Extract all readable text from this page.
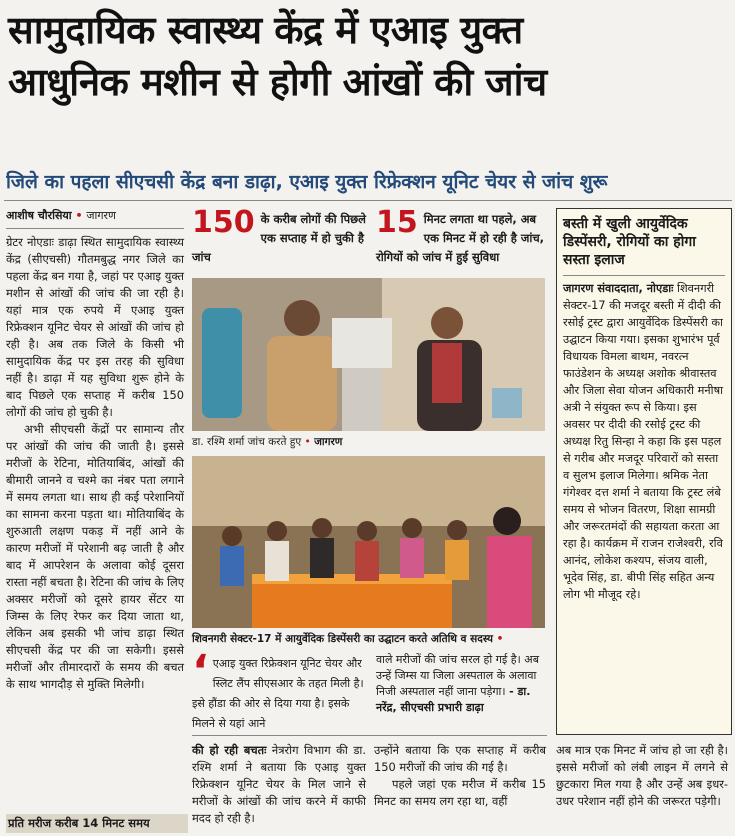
सामुदायिक स्वास्थ्य केंद्र में एआइ युक्त
आधुनिक मशीन से होगी आंखों की जांच
जिले का पहला सीएचसी केंद्र बना डाढ़ा, एआइ युक्त रिफ्रेक्शन यूनिट चेयर से जांच शुरू
आशीष चौरसिया • जागरण
ग्रेटर नोएडाः डाढ़ा स्थित सामुदायिक स्वास्थ्य केंद्र (सीएचसी) गौतमबुद्ध नगर जिले का पहला केंद्र बन गया है, जहां पर एआइ युक्त मशीन से आंखों की जांच की जा रही है। यहां मात्र एक रुपये में एआइ युक्त रिफ्रेक्शन यूनिट चेयर से आंखों की जांच हो रही है। अब तक जिले के किसी भी सामुदायिक केंद्र पर इस तरह की सुविधा नहीं है। डाढ़ा में यह सुविधा शुरू होने के बाद पिछले एक सप्ताह में करीब 150 लोगों की जांच हो चुकी है।
अभी सीएचसी केंद्रों पर सामान्य तौर पर आंखों की जांच की जाती है। इससे मरीजों के रेटिना, मोतियाबिंद, आंखों की बीमारी जानने व चश्मे का नंबर पता लगाने में समय लगता था। साथ ही कई परेशानियों का सामना करना पड़ता था। मोतियाबिंद के शुरुआती लक्षण पकड़ में नहीं आने के कारण मरीजों में परेशानी बढ़ जाती है और बाद में आपरेशन के अलावा कोई दूसरा रास्ता नहीं बचता है। रेटिना की जांच के लिए अक्सर मरीजों को दूसरे हायर सेंटर या जिम्स के लिए रेफर कर दिया जाता था, लेकिन अब इसकी भी जांच डाढ़ा स्थित सीएचसी केंद्र पर की जा सकेगी। इससे मरीजों और तीमारदारों के समय की बचत के साथ भागदौड़ से मुक्ति मिलेगी।
प्रति मरीज करीब 14 मिनट समय
150 के करीब लोगों की पिछले एक सप्ताह में हो चुकी है जांच
15 मिनट लगता था पहले, अब एक मिनट में हो रही है जांच, रोगियों को जांच में हुई सुविधा
डा. रश्मि शर्मा जांच करते हुए • जागरण
शिवनगरी सेक्टर-17 में आयुर्वेदिक डिस्पेंसरी का उद्घाटन करते अतिथि व सदस्य •
‘ एआइ युक्त रिफ्रेक्शन यूनिट चेयर और स्लिट लैंप सीएसआर के तहत मिली है। इसे हौंडा की ओर से दिया गया है। इसके मिलने से यहां आने
वाले मरीजों की जांच सरल हो गई है। अब उन्हें जिम्स या जिला अस्पताल के अलावा निजी अस्पताल नहीं जाना पड़ेगा। - डा. नरेंद्र, सीएचसी प्रभारी डाढ़ा
की हो रही बचतः नेत्ररोग विभाग की डा. रश्मि शर्मा ने बताया कि एआइ युक्त रिफ्रेक्शन यूनिट चेयर के मिल जाने से मरीजों के आंखों की जांच करने में काफी मदद हो रही है।
उन्होंने बताया कि एक सप्ताह में करीब 150 मरीजों की जांच की गई है।
पहले जहां एक मरीज में करीब 15 मिनट का समय लग रहा था, वहीं
अब मात्र एक मिनट में जांच हो जा रही है। इससे मरीजों को लंबी लाइन में लगने से छुटकारा मिल गया है और उन्हें अब इधर-उधर परेशान नहीं होने की जरूरत पड़ेगी।
बस्ती में खुली आयुर्वेदिक डिस्पेंसरी, रोगियों का होगा सस्ता इलाज
जागरण संवाददाता, नोएडाः शिवनगरी सेक्टर-17 की मजदूर बस्ती में दीदी की रसोई ट्रस्ट द्वारा आयुर्वेदिक डिस्पेंसरी का उद्घाटन किया गया। इसका शुभारंभ पूर्व विधायक विमला बाथम, नवरत्न फाउंडेशन के अध्यक्ष अशोक श्रीवास्तव और जिला सेवा योजन अधिकारी मनीषा अत्री ने संयुक्त रूप से किया। इस अवसर पर दीदी की रसोई ट्रस्ट की अध्यक्ष रितु सिन्हा ने कहा कि इस पहल से गरीब और मजदूर परिवारों को सस्ता व सुलभ इलाज मिलेगा। श्रमिक नेता गंगेश्वर दत्त शर्मा ने बताया कि ट्रस्ट लंबे समय से भोजन वितरण, शिक्षा सामग्री और जरूरतमंदों की सहायता करता आ रहा है। कार्यक्रम में राजन राजेश्वरी, रवि आनंद, लोकेश कश्यप, संजय वाली, भूदेव सिंह, डा. बीपी सिंह सहित अन्य लोग भी मौजूद रहे।
